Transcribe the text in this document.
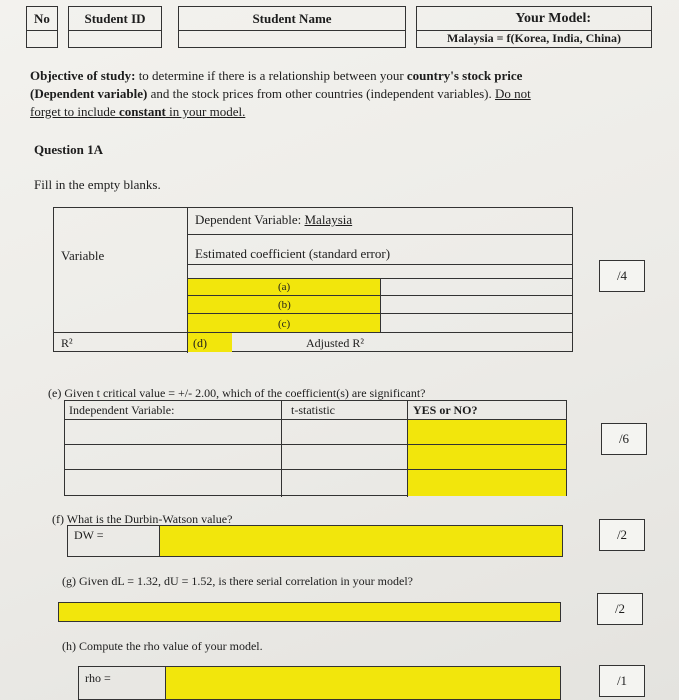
No	Student ID	Student Name	Your Model:
Malaysia = f(Korea, India, China)
Objective of study: to determine if there is a relationship between your country's stock price
(Dependent variable) and the stock prices from other countries (independent variables). Do not
forget to include constant in your model.
Question 1A
Fill in the empty blanks.
Dependent Variable: Malaysia
Variable	Estimated coefficient (standard error)
(a)
(b)
(c)
R²	(d)	Adjusted R²
/4
(e) Given t critical value = +/- 2.00, which of the coefficient(s) are significant?
Independent Variable:	t-statistic	YES or NO?
/6
(f) What is the Durbin-Watson value?
DW =	/2
(g) Given dL = 1.32, dU = 1.52, is there serial correlation in your model?
/2
(h) Compute the rho value of your model.
rho =	/1
